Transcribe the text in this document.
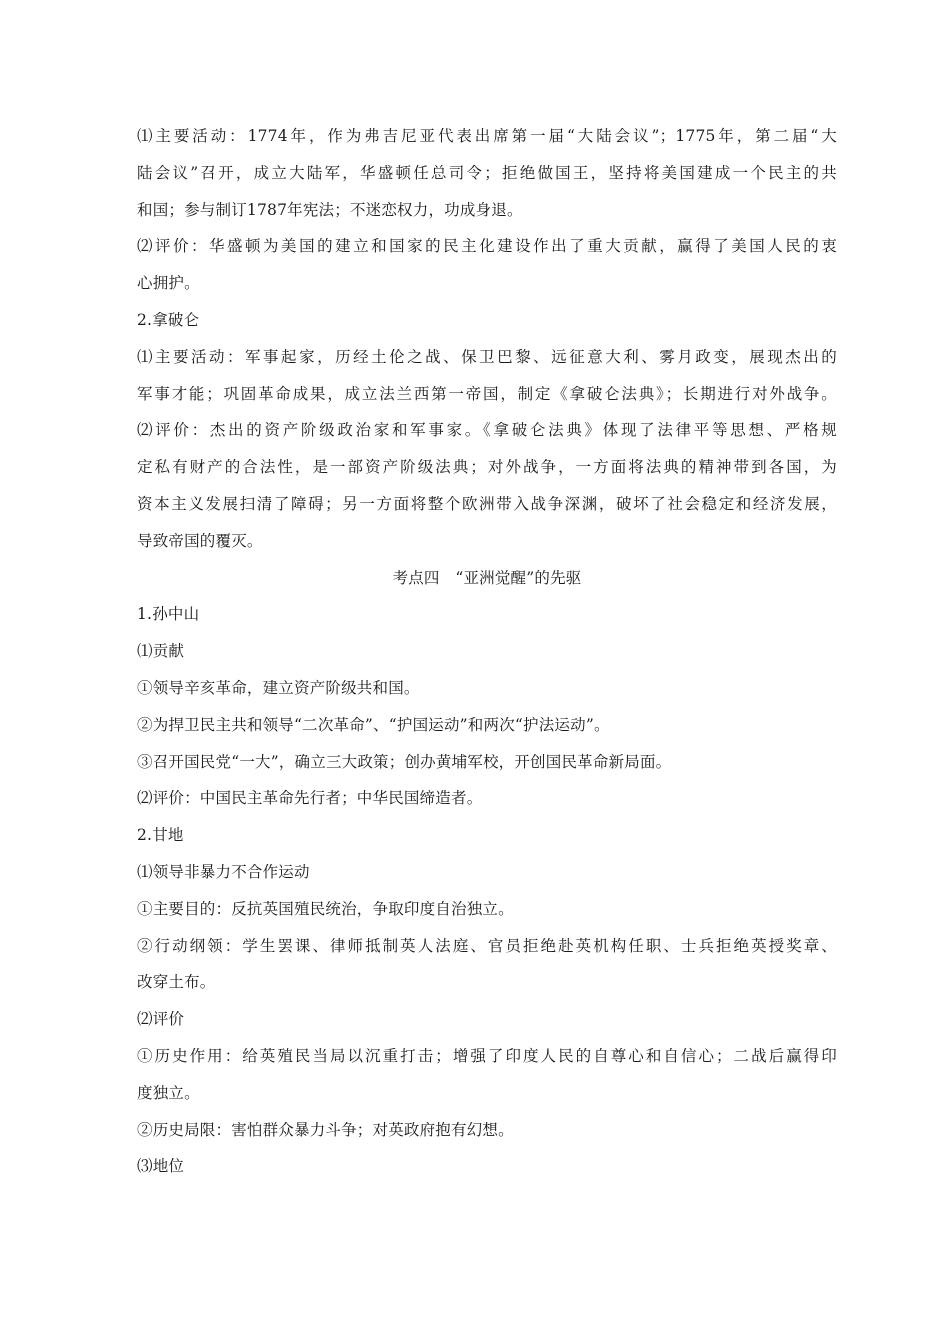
⑴主要活动：1774年，作为弗吉尼亚代表出席第一届“大陆会议”；1775年，第二届“大
陆会议”召开，成立大陆军，华盛顿任总司令；拒绝做国王，坚持将美国建成一个民主的共
和国；参与制订1787年宪法；不迷恋权力，功成身退。
⑵评价：华盛顿为美国的建立和国家的民主化建设作出了重大贡献，赢得了美国人民的衷
心拥护。
2.拿破仑
⑴主要活动：军事起家，历经土伦之战、保卫巴黎、远征意大利、雾月政变，展现杰出的
军事才能；巩固革命成果，成立法兰西第一帝国，制定《拿破仑法典》；长期进行对外战争。
⑵评价：杰出的资产阶级政治家和军事家。《拿破仑法典》体现了法律平等思想、严格规
定私有财产的合法性，是一部资产阶级法典；对外战争，一方面将法典的精神带到各国，为
资本主义发展扫清了障碍；另一方面将整个欧洲带入战争深渊，破坏了社会稳定和经济发展，
导致帝国的覆灭。
考点四　“亚洲觉醒”的先驱
1.孙中山
⑴贡献
①领导辛亥革命，建立资产阶级共和国。
②为捍卫民主共和领导“二次革命”、“护国运动”和两次“护法运动”。
③召开国民党“一大”，确立三大政策；创办黄埔军校，开创国民革命新局面。
⑵评价：中国民主革命先行者；中华民国缔造者。
2.甘地
⑴领导非暴力不合作运动
①主要目的：反抗英国殖民统治，争取印度自治独立。
②行动纲领：学生罢课、律师抵制英人法庭、官员拒绝赴英机构任职、士兵拒绝英授奖章、
改穿土布。
⑵评价
①历史作用：给英殖民当局以沉重打击；增强了印度人民的自尊心和自信心；二战后赢得印
度独立。
②历史局限：害怕群众暴力斗争；对英政府抱有幻想。
⑶地位
